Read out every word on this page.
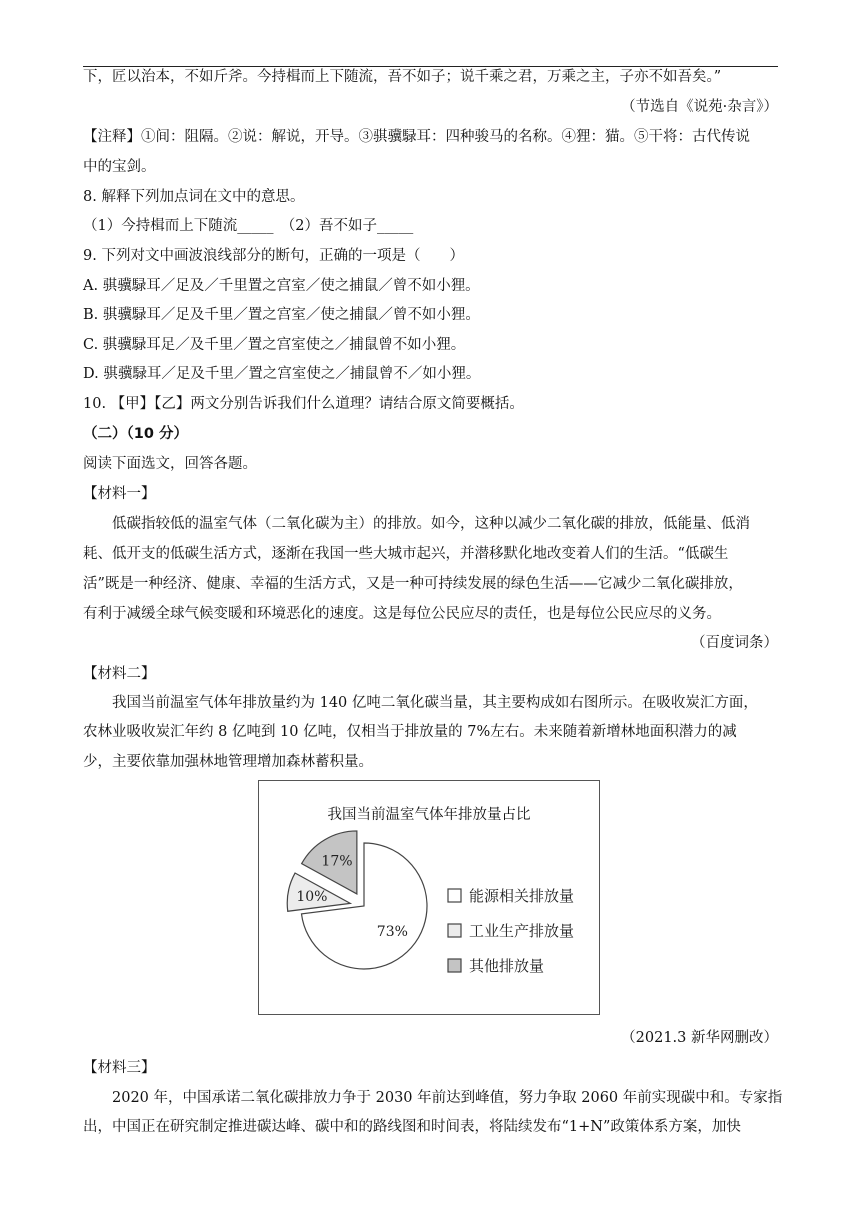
下，匠以治本，不如斤斧。今持楫而上下随流，吾不如子；说千乘之君，万乘之主，子亦不如吾矣。”
（节选自《说苑·杂言》）
【注释】①间：阻隔。②说：解说，开导。③骐骥騄耳：四种骏马的名称。④狸：猫。⑤干将：古代传说
中的宝剑。
8. 解释下列加点词在文中的意思。
（1）今持楫而上下随流_____　（2）吾不如子_____
9. 下列对文中画波浪线部分的断句，正确的一项是（　　）
A. 骐骥騄耳／足及／千里置之宫室／使之捕鼠／曾不如小狸。
B. 骐骥騄耳／足及千里／置之宫室／使之捕鼠／曾不如小狸。
C. 骐骥騄耳足／及千里／置之宫室使之／捕鼠曾不如小狸。
D. 骐骥騄耳／足及千里／置之宫室使之／捕鼠曾不／如小狸。
10. 【甲】【乙】两文分别告诉我们什么道理？请结合原文简要概括。
（二）（10 分）
阅读下面选文，回答各题。
【材料一】
低碳指较低的温室气体（二氧化碳为主）的排放。如今，这种以减少二氧化碳的排放，低能量、低消
耗、低开支的低碳生活方式，逐渐在我国一些大城市起兴，并潜移默化地改变着人们的生活。“低碳生
活”既是一种经济、健康、幸福的生活方式，又是一种可持续发展的绿色生活——它减少二氧化碳排放，
有利于减缓全球气候变暖和环境恶化的速度。这是每位公民应尽的责任，也是每位公民应尽的义务。
（百度词条）
【材料二】
我国当前温室气体年排放量约为 140 亿吨二氧化碳当量，其主要构成如右图所示。在吸收炭汇方面，
农林业吸收炭汇年约 8 亿吨到 10 亿吨，仅相当于排放量的 7%左右。未来随着新增林地面积潜力的减
少，主要依靠加强林地管理增加森林蓄积量。
我国当前温室气体年排放量占比
73%
10%
17%
能源相关排放量
工业生产排放量
其他排放量
（2021.3 新华网删改）
【材料三】
2020 年，中国承诺二氧化碳排放力争于 2030 年前达到峰值，努力争取 2060 年前实现碳中和。专家指
出，中国正在研究制定推进碳达峰、碳中和的路线图和时间表，将陆续发布“1+N”政策体系方案，加快
